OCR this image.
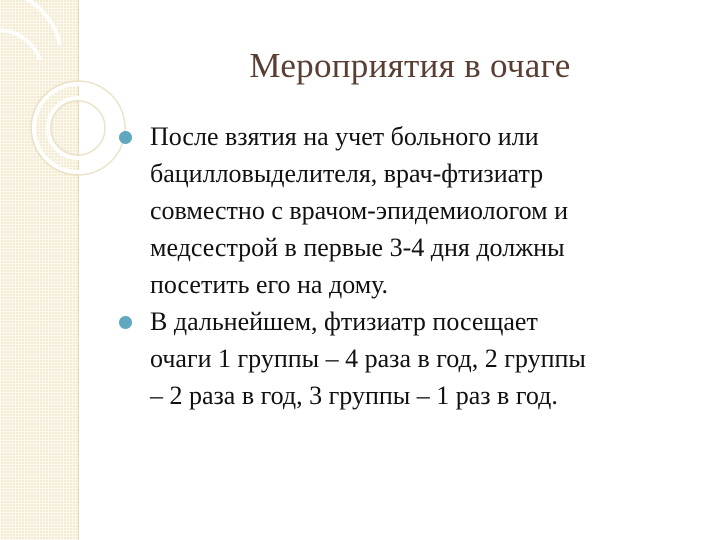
Мероприятия в очаге
После взятия на учет больного или
бацилловыделителя, врач-фтизиатр
совместно с врачом-эпидемиологом и
медсестрой в первые 3-4 дня должны
посетить его на дому.
В дальнейшем, фтизиатр посещает
очаги 1 группы – 4 раза в год, 2 группы
– 2 раза в год, 3 группы – 1 раз в год.
